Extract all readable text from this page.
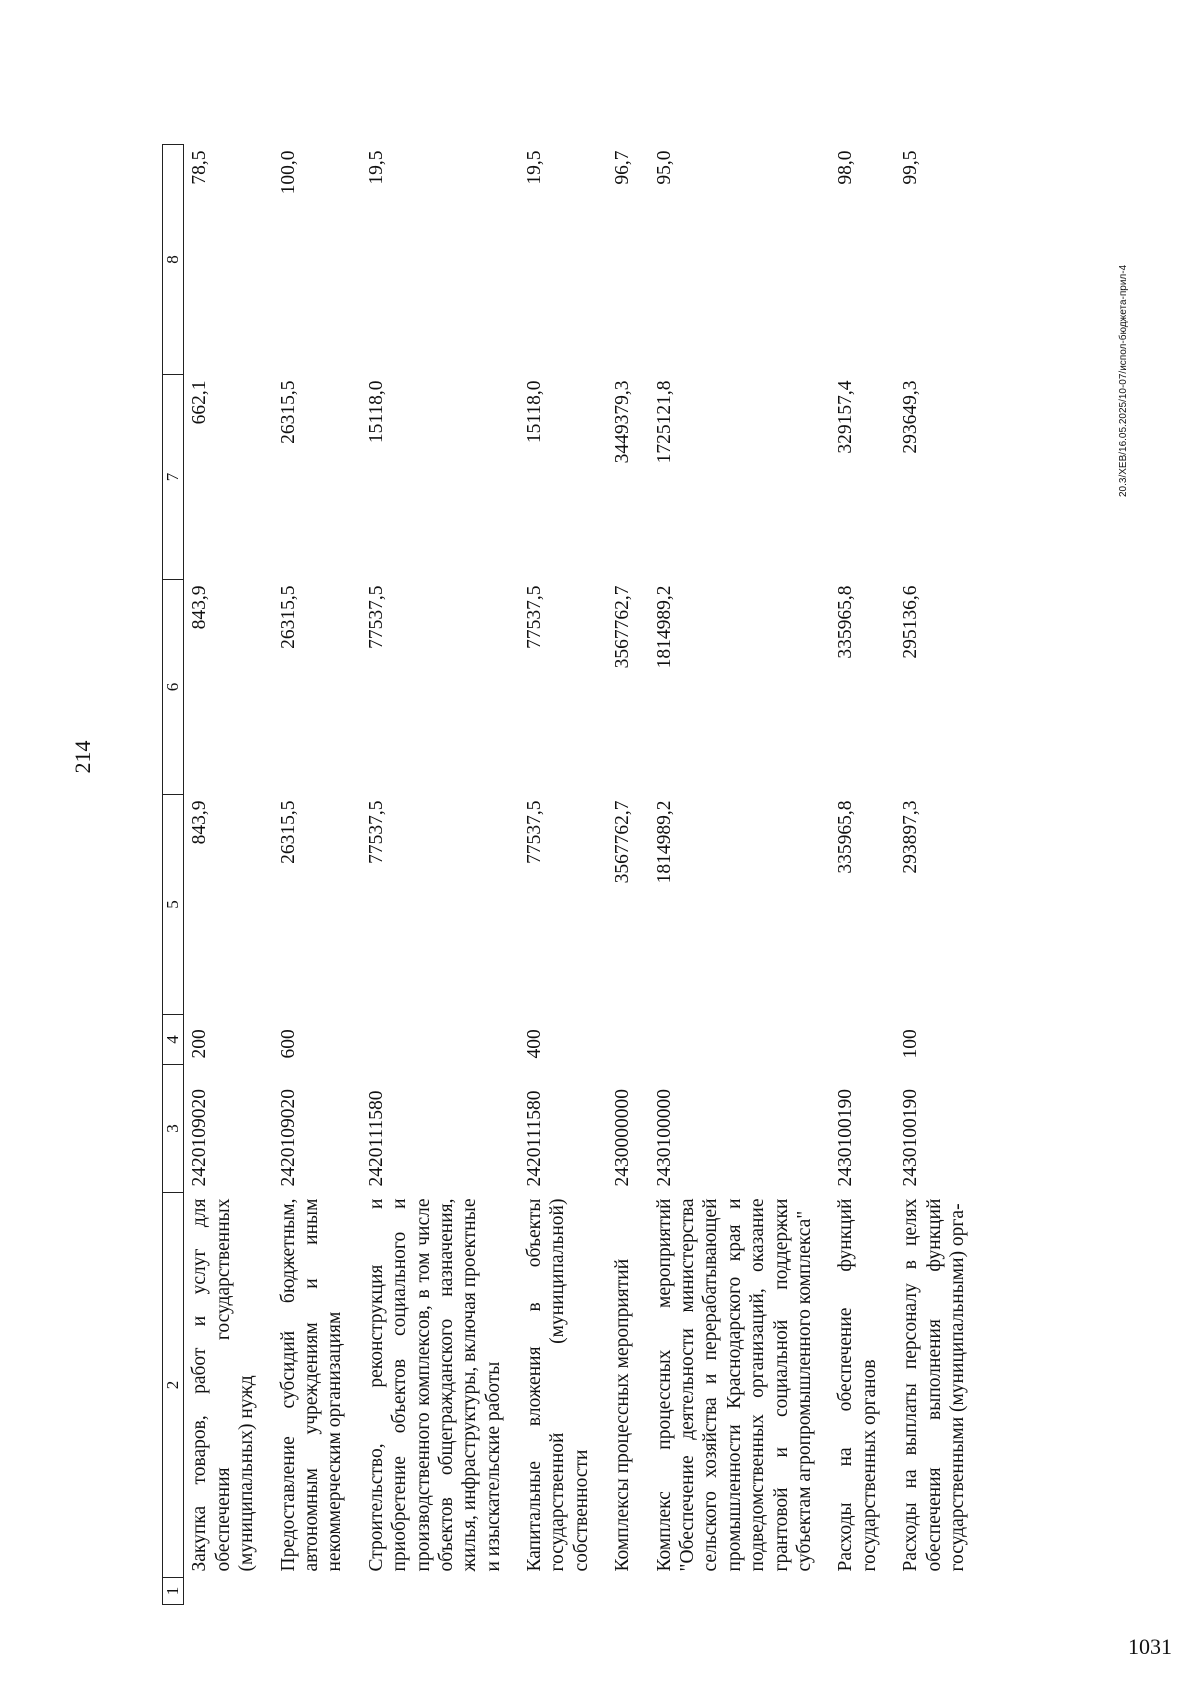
214
1	2	3	4	5	6	7	8
	Закупка товаров, работ и услуг для обеспечения государственных (муниципальных) нужд	2420109020	200	843,9	843,9	662,1	78,5
	Предоставление субсидий бюджетным, автономным учреждениям и иным некоммерческим организациям	2420109020	600	26315,5	26315,5	26315,5	100,0
	Строительство, реконструкция и приобретение объектов социального и производственного комплексов, в том числе объектов общегражданского назначения, жилья, инфраструктуры, включая проектные и изыскательские работы	2420111580		77537,5	77537,5	15118,0	19,5
	Капитальные вложения в объекты государственной (муниципальной) собственности	2420111580	400	77537,5	77537,5	15118,0	19,5
	Комплексы процессных мероприятий	2430000000		3567762,7	3567762,7	3449379,3	96,7
	Комплекс процессных мероприятий "Обеспечение деятельности министерства сельского хозяйства и перерабатывающей промышленности Краснодарского края и подведомственных организаций, оказание грантовой и социальной поддержки субъектам агропромышленного комплекса"	2430100000		1814989,2	1814989,2	1725121,8	95,0
	Расходы на обеспечение функций государственных органов	2430100190		335965,8	335965,8	329157,4	98,0
	Расходы на выплаты персоналу в целях обеспечения выполнения функций государственными (муниципальными) орга-	2430100190	100	293897,3	295136,6	293649,3	99,5
20.3/ХЕВ/16.05.2025/10-07/испол-бюджета-прил-4
1031
